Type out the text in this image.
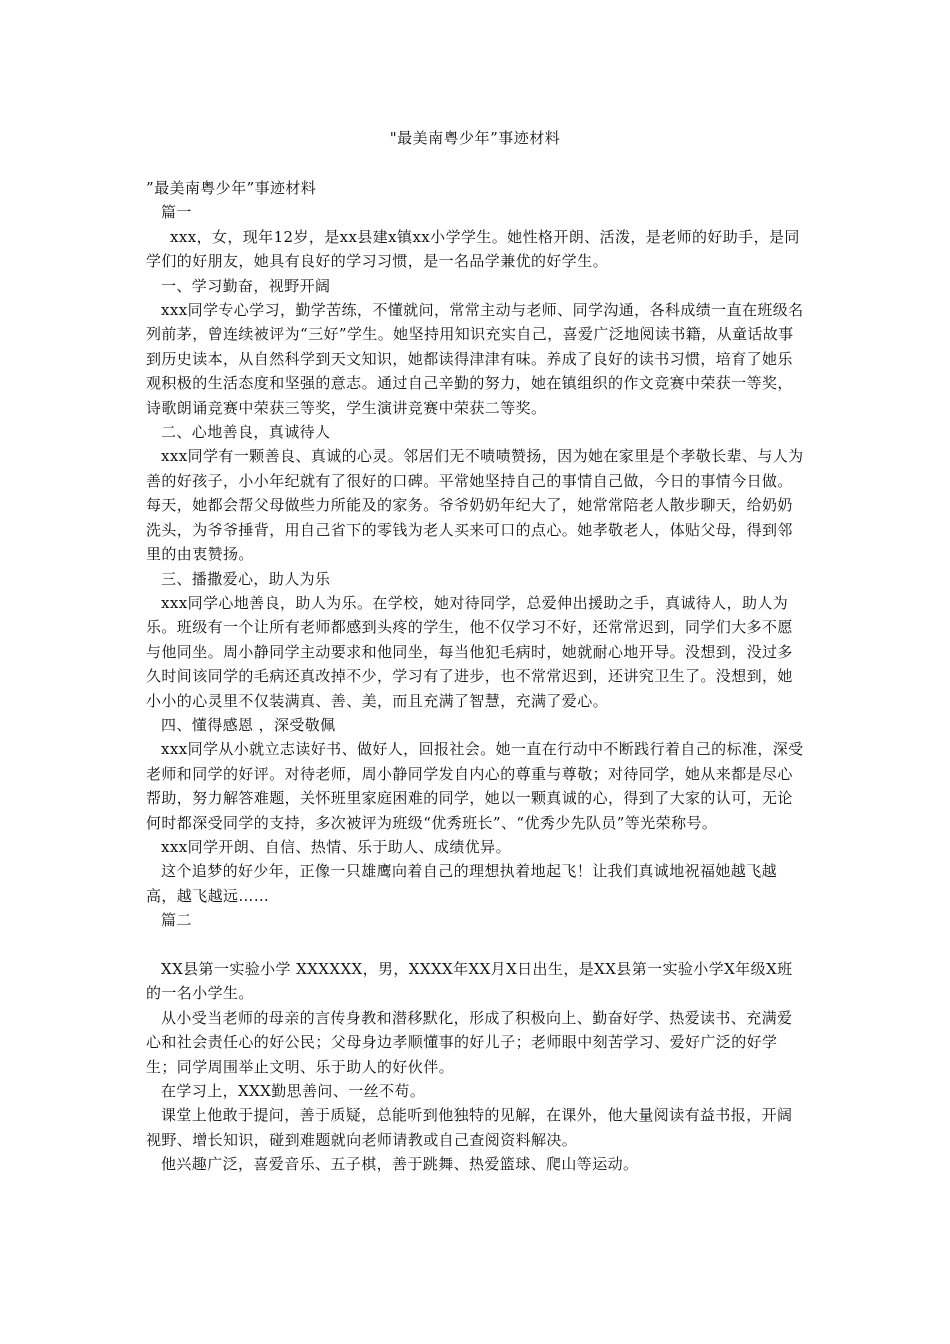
"最美南粤少年”事迹材料

”最美南粤少年”事迹材料

篇一

xxx，女，现年12岁，是xx县建x镇xx小学学生。她性格开朗、活泼，是老师的好助手，是同学们的好朋友，她具有良好的学习习惯，是一名品学兼优的好学生。

一、学习勤奋，视野开阔

xxx同学专心学习，勤学苦练，不懂就问，常常主动与老师、同学沟通，各科成绩一直在班级名列前茅，曾连续被评为“三好”学生。她坚持用知识充实自己，喜爱广泛地阅读书籍，从童话故事到历史读本，从自然科学到天文知识，她都读得津津有味。养成了良好的读书习惯，培育了她乐观积极的生活态度和坚强的意志。通过自己辛勤的努力，她在镇组织的作文竞赛中荣获一等奖，诗歌朗诵竞赛中荣获三等奖，学生演讲竞赛中荣获二等奖。

二、心地善良，真诚待人

xxx同学有一颗善良、真诚的心灵。邻居们无不啧啧赞扬，因为她在家里是个孝敬长辈、与人为善的好孩子，小小年纪就有了很好的口碑。平常她坚持自己的事情自己做，今日的事情今日做。每天，她都会帮父母做些力所能及的家务。爷爷奶奶年纪大了，她常常陪老人散步聊天，给奶奶洗头，为爷爷捶背，用自己省下的零钱为老人买来可口的点心。她孝敬老人，体贴父母，得到邻里的由衷赞扬。

三、播撒爱心，助人为乐

xxx同学心地善良，助人为乐。在学校，她对待同学，总爱伸出援助之手，真诚待人，助人为乐。班级有一个让所有老师都感到头疼的学生，他不仅学习不好，还常常迟到，同学们大多不愿与他同坐。周小静同学主动要求和他同坐，每当他犯毛病时，她就耐心地开导。没想到，没过多久时间该同学的毛病还真改掉不少，学习有了进步，也不常常迟到，还讲究卫生了。没想到，她小小的心灵里不仅装满真、善、美，而且充满了智慧，充满了爱心。

四、懂得感恩 ，深受敬佩

xxx同学从小就立志读好书、做好人，回报社会。她一直在行动中不断践行着自己的标准，深受老师和同学的好评。对待老师，周小静同学发自内心的尊重与尊敬；对待同学，她从来都是尽心帮助，努力解答难题，关怀班里家庭困难的同学，她以一颗真诚的心，得到了大家的认可，无论何时都深受同学的支持，多次被评为班级“优秀班长”、“优秀少先队员”等光荣称号。

xxx同学开朗、自信、热情、乐于助人、成绩优异。

这个追梦的好少年，正像一只雄鹰向着自己的理想执着地起飞！让我们真诚地祝福她越飞越高，越飞越远……

篇二

XX县第一实验小学 XXXXXX，男，XXXX年XX月X日出生，是XX县第一实验小学X年级X班的一名小学生。

从小受当老师的母亲的言传身教和潜移默化，形成了积极向上、勤奋好学、热爱读书、充满爱心和社会责任心的好公民；父母身边孝顺懂事的好儿子；老师眼中刻苦学习、爱好广泛的好学生；同学周围举止文明、乐于助人的好伙伴。

在学习上，XXX勤思善问、一丝不苟。

课堂上他敢于提问，善于质疑，总能听到他独特的见解，在课外，他大量阅读有益书报，开阔视野、增长知识，碰到难题就向老师请教或自己查阅资料解决。

他兴趣广泛，喜爱音乐、五子棋，善于跳舞、热爱篮球、爬山等运动。
